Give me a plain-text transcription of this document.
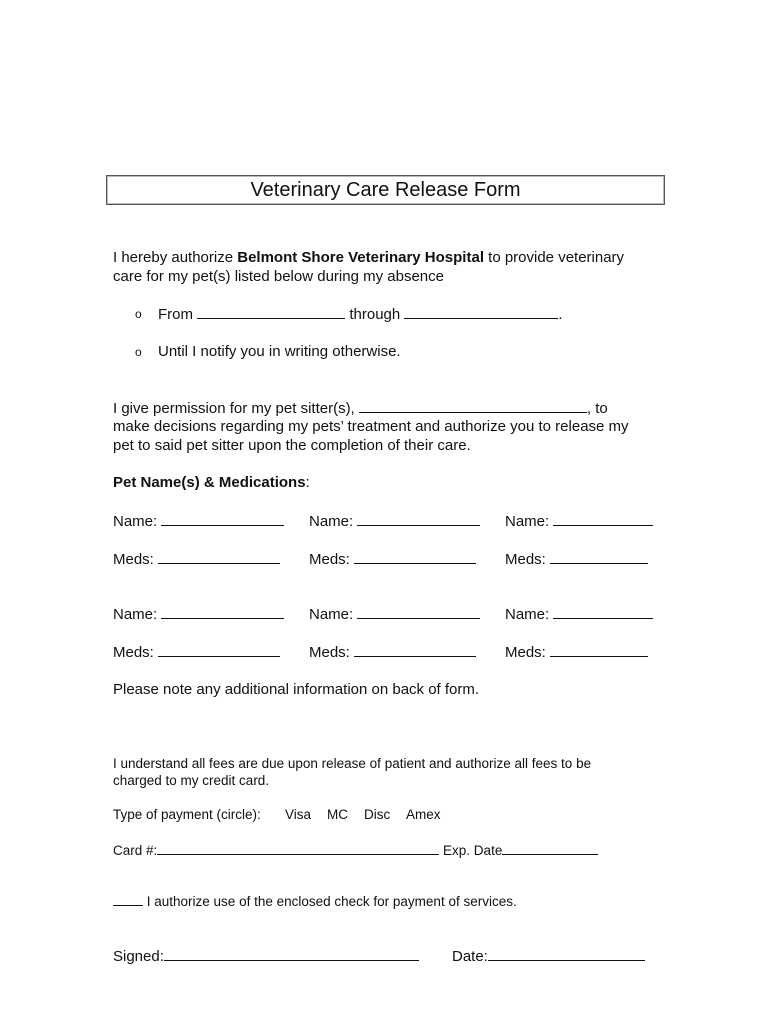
Veterinary Care Release Form
I hereby authorize Belmont Shore Veterinary Hospital to provide veterinary
care for my pet(s) listed below during my absence
o From	through	.
o Until I notify you in writing otherwise.
I give permission for my pet sitter(s),	, to
make decisions regarding my pets’ treatment and authorize you to release my
pet to said pet sitter upon the completion of their care.
Pet Name(s) & Medications:
Name:	Name:	Name:
Meds:	Meds:	Meds:
Name:	Name:	Name:
Meds:	Meds:	Meds:
Please note any additional information on back of form.
I understand all fees are due upon release of patient and authorize all fees to be
charged to my credit card.
Type of payment (circle): Visa MC Disc Amex
Card #:	Exp. Date
I authorize use of the enclosed check for payment of services.
Signed:	Date:
